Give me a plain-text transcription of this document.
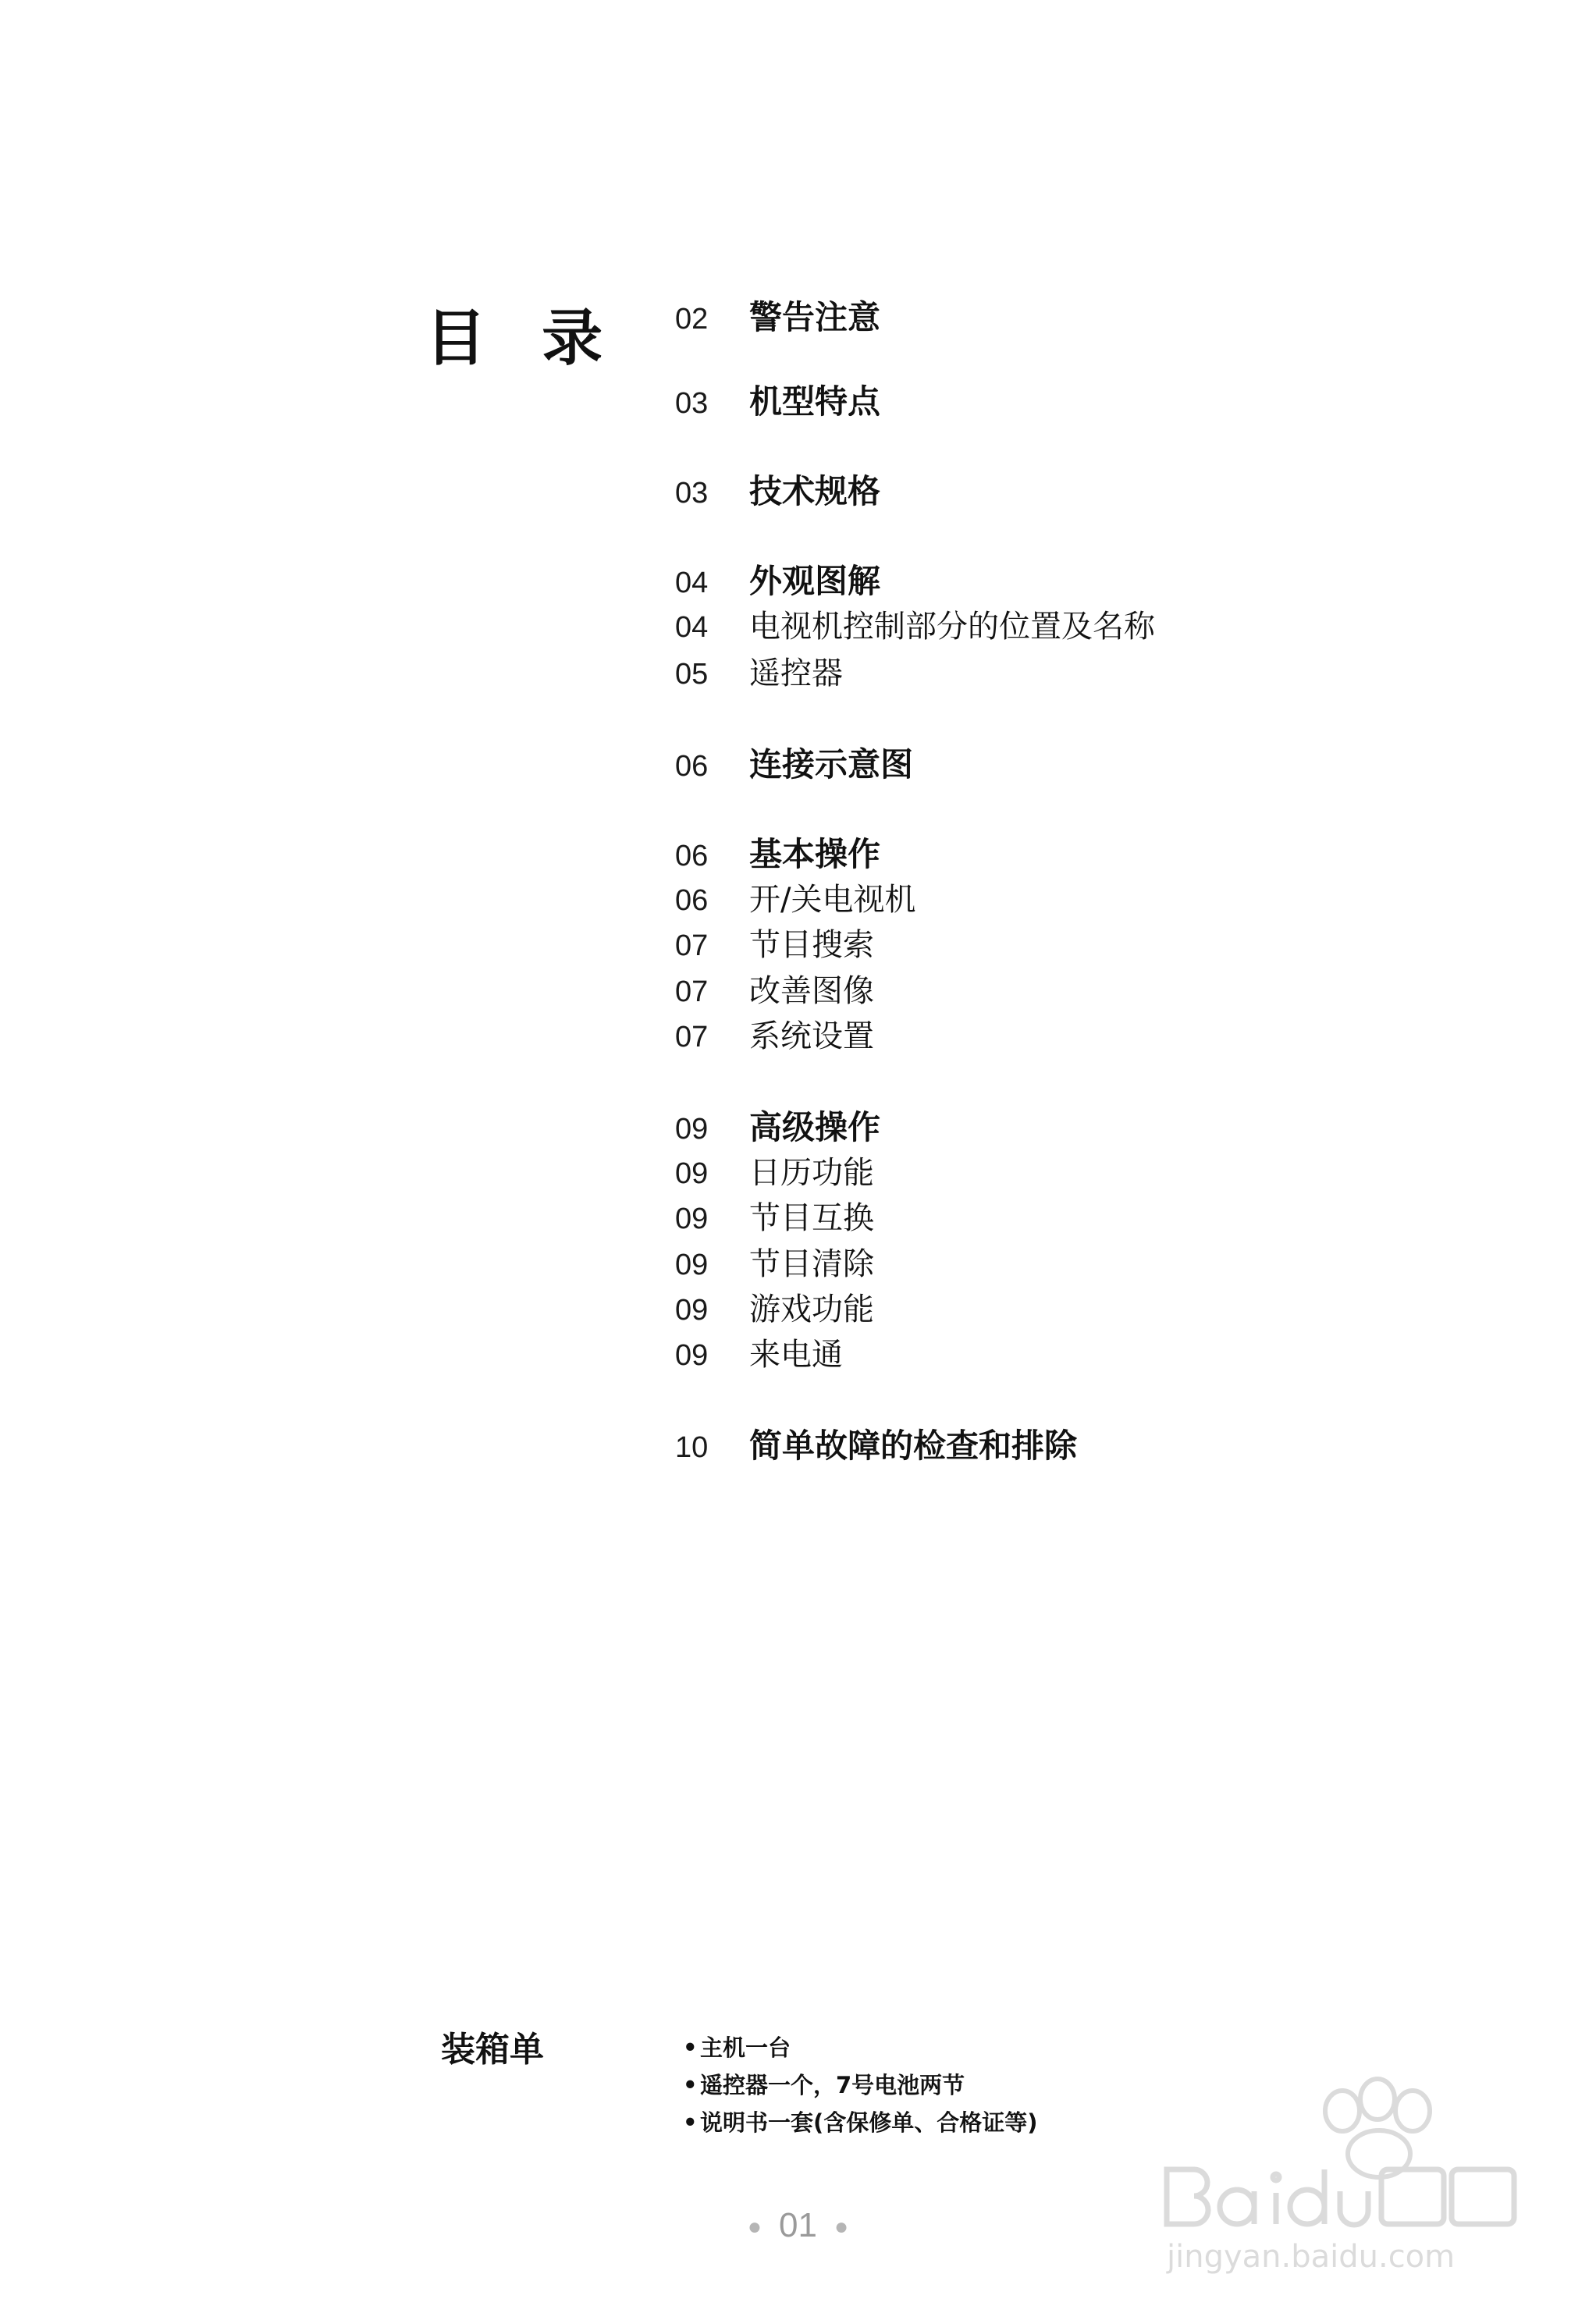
目 录 02 警告注意
03 机型特点
03 技术规格
04 外观图解
04 电视机控制部分的位置及名称
05 遥控器
06 连接示意图
06 基本操作
06 开/关电视机
07 节目搜索
07 改善图像
07 系统设置
09 高级操作
09 日历功能
09 节目互换
09 节目清除
09 游戏功能
09 来电通
10 简单故障的检查和排除
装箱单
•	主机一台
• 遥控器一个，7号电池两节
• 说明书一套(含保修单、合格证等)
● 01 ●
jingyan.baidu.com
